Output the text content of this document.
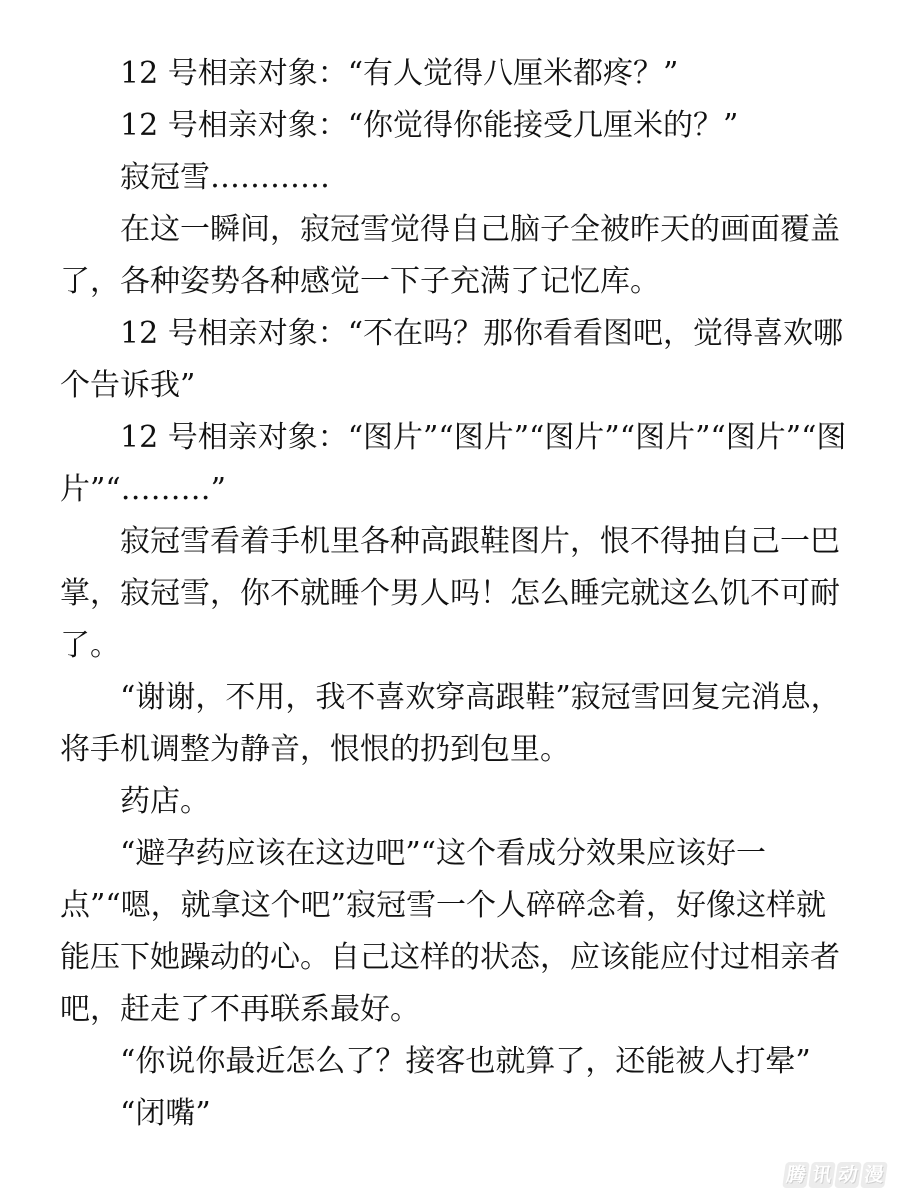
12 号相亲对象：“有人觉得八厘米都疼？”

12 号相亲对象：“你觉得你能接受几厘米的？”

寂冠雪…………

在这一瞬间，寂冠雪觉得自己脑子全被昨天的画面覆盖了，各种姿势各种感觉一下子充满了记忆库。

12 号相亲对象：“不在吗？那你看看图吧，觉得喜欢哪个告诉我”

12 号相亲对象：“图片”“图片”“图片”“图片”“图片”“图片”“………”

寂冠雪看着手机里各种高跟鞋图片，恨不得抽自己一巴掌，寂冠雪，你不就睡个男人吗！怎么睡完就这么饥不可耐了。

“谢谢，不用，我不喜欢穿高跟鞋”寂冠雪回复完消息，将手机调整为静音，恨恨的扔到包里。

药店。

“避孕药应该在这边吧”“这个看成分效果应该好一点”“嗯，就拿这个吧”寂冠雪一个人碎碎念着，好像这样就能压下她躁动的心。自己这样的状态，应该能应付过相亲者吧，赶走了不再联系最好。

“你说你最近怎么了？接客也就算了，还能被人打晕”

“闭嘴”

腾 讯 动 漫
